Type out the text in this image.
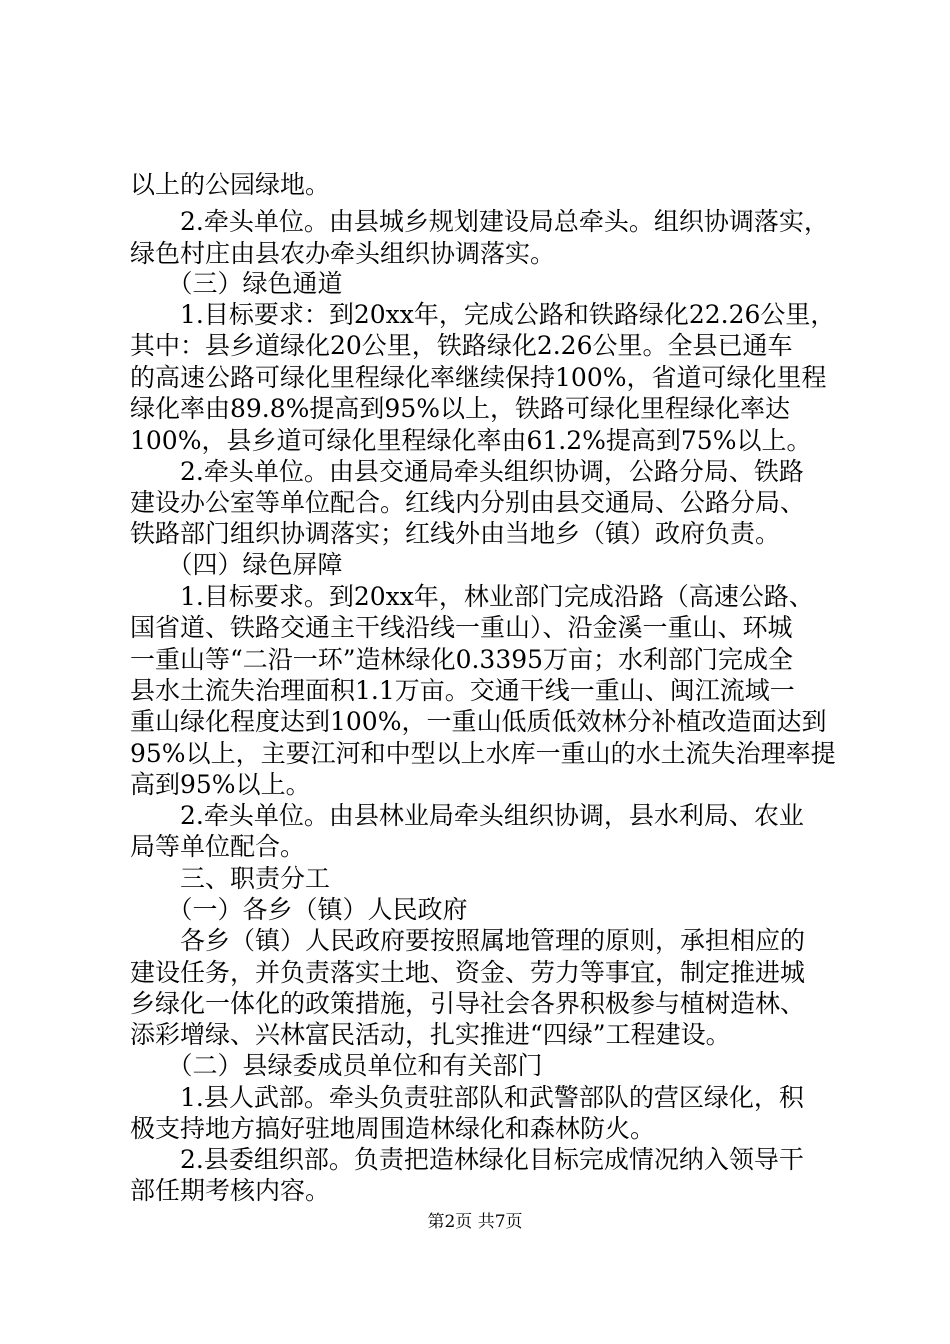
以上的公园绿地。
　　2.牵头单位。由县城乡规划建设局总牵头。组织协调落实，
绿色村庄由县农办牵头组织协调落实。
　　（三）绿色通道
　　1.目标要求：到20xx年，完成公路和铁路绿化22.26公里，
其中：县乡道绿化20公里，铁路绿化2.26公里。全县已通车
的高速公路可绿化里程绿化率继续保持100%，省道可绿化里程
绿化率由89.8%提高到95%以上，铁路可绿化里程绿化率达
100%，县乡道可绿化里程绿化率由61.2%提高到75%以上。
　　2.牵头单位。由县交通局牵头组织协调，公路分局、铁路
建设办公室等单位配合。红线内分别由县交通局、公路分局、
铁路部门组织协调落实；红线外由当地乡（镇）政府负责。
　　（四）绿色屏障
　　1.目标要求。到20xx年，林业部门完成沿路（高速公路、
国省道、铁路交通主干线沿线一重山）、沿金溪一重山、环城
一重山等“二沿一环”造林绿化0.3395万亩；水利部门完成全
县水土流失治理面积1.1万亩。交通干线一重山、闽江流域一
重山绿化程度达到100%，一重山低质低效林分补植改造面达到
95%以上，主要江河和中型以上水库一重山的水土流失治理率提
高到95%以上。
　　2.牵头单位。由县林业局牵头组织协调，县水利局、农业
局等单位配合。
　　三、职责分工
　　（一）各乡（镇）人民政府
　　各乡（镇）人民政府要按照属地管理的原则，承担相应的
建设任务，并负责落实土地、资金、劳力等事宜，制定推进城
乡绿化一体化的政策措施，引导社会各界积极参与植树造林、
添彩增绿、兴林富民活动，扎实推进“四绿”工程建设。
　　（二）县绿委成员单位和有关部门
　　1.县人武部。牵头负责驻部队和武警部队的营区绿化，积
极支持地方搞好驻地周围造林绿化和森林防火。
　　2.县委组织部。负责把造林绿化目标完成情况纳入领导干
部任期考核内容。
第2页 共7页
